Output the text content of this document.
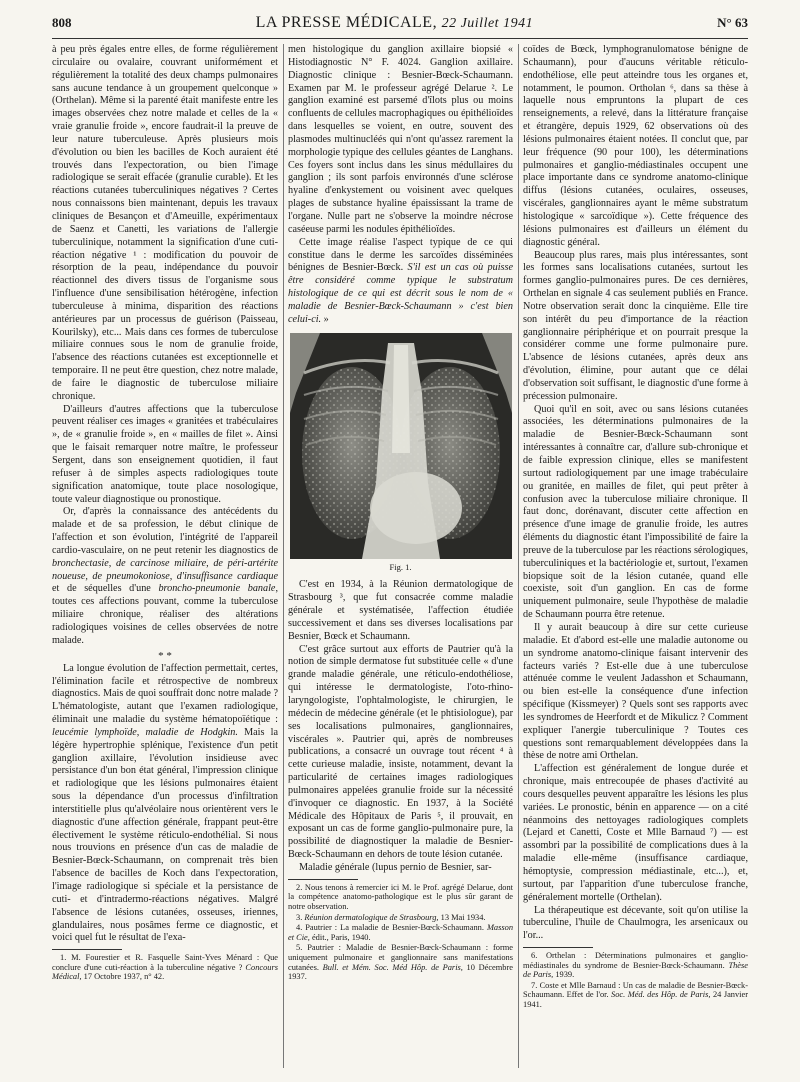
808	LA PRESSE MÉDICALE, 22 Juillet 1941	N° 63

à peu près égales entre elles, de forme régulièrement circulaire ou ovalaire, couvrant uniformément et régulièrement la totalité des deux champs pulmonaires sans aucune tendance à un groupement quelconque » (Orthelan). Même si la parenté était manifeste entre les images observées chez notre malade et celles de la « vraie granulie froide », encore faudrait-il la preuve de leur nature tuberculeuse. Après plusieurs mois d'évolution ou bien les bacilles de Koch auraient été trouvés dans l'expectoration, ou bien l'image radiologique se serait effacée (granulie curable). Et les réactions cutanées tuberculiniques négatives ? Certes nous connaissons bien maintenant, depuis les travaux cliniques de Besançon et d'Ameuille, expérimentaux de Saenz et Canetti, les variations de l'allergie tuberculinique, notamment la signification d'une cuti-réaction négative ¹ : modification du pouvoir de résorption de la peau, indépendance du pouvoir réactionnel des divers tissus de l'organisme sous l'influence d'une sensibilisation hétérogène, infection tuberculeuse à minima, disparition des réactions antérieures par un processus de guérison (Paisseau, Kourilsky), etc... Mais dans ces formes de tuberculose miliaire connues sous le nom de granulie froide, l'absence des réactions cutanées est exceptionnelle et temporaire. Il ne peut être question, chez notre malade, de faire le diagnostic de tuberculose miliaire chronique.

D'ailleurs d'autres affections que la tuberculose peuvent réaliser ces images « granitées et trabéculaires », de « granulie froide », en « mailles de filet ». Ainsi que le faisait remarquer notre maître, le professeur Sergent, dans son enseignement quotidien, il faut refuser à de simples aspects radiologiques toute signification anatomique, toute place nosologique, toute valeur diagnostique ou pronostique.

Or, d'après la connaissance des antécédents du malade et de sa profession, le début clinique de l'affection et son évolution, l'intégrité de l'appareil cardio-vasculaire, on ne peut retenir les diagnostics de bronchectasie, de carcinose miliaire, de péri-artérite noueuse, de pneumokoniose, d'insuffisance cardiaque et de séquelles d'une broncho-pneumonie banale, toutes ces affections pouvant, comme la tuberculose miliaire chronique, réaliser des altérations radiologiques voisines de celles observées de notre malade.

* *

La longue évolution de l'affection permettait, certes, l'élimination facile et rétrospective de nombreux diagnostics. Mais de quoi souffrait donc notre malade ? L'hématologiste, autant que l'examen radiologique, éliminait une maladie du système hématopoïétique : leucémie lymphoïde, maladie de Hodgkin. Mais la légère hypertrophie splénique, l'existence d'un petit ganglion axillaire, l'évolution insidieuse avec persistance d'un bon état général, l'impression clinique et radiologique que les lésions pulmonaires étaient sous la dépendance d'un processus d'infiltration interstitielle plus qu'alvéolaire nous orientèrent vers le diagnostic d'une affection générale, frappant peut-être électivement le système réticulo-endothélial. Si nous nous trouvions en présence d'un cas de maladie de Besnier-Bœck-Schaumann, on comprenait très bien l'absence de bacilles de Koch dans l'expectoration, l'image radiologique si spéciale et la persistance de cuti- et d'intradermo-réactions négatives. Malgré l'absence de lésions cutanées, osseuses, iriennes, glandulaires, nous posâmes ferme ce diagnostic, et voici quel fut le résultat de l'exa-

1. M. Fourestier et R. Fasquelle Saint-Yves Ménard : Que conclure d'une cuti-réaction à la tuberculine négative ? Concours Médical, 17 Octobre 1937, n° 42.

men histologique du ganglion axillaire biopsié « Histodiagnostic N° F. 4024. Ganglion axillaire. Diagnostic clinique : Besnier-Bœck-Schaumann. Examen par M. le professeur agrégé Delarue ². Le ganglion examiné est parsemé d'îlots plus ou moins confluents de cellules macrophagiques ou épithélioïdes dans lesquelles se voient, en outre, souvent des plasmodes multinucléés qui n'ont qu'assez rarement la morphologie typique des cellules géantes de Langhans. Ces foyers sont inclus dans les sinus médullaires du ganglion ; ils sont parfois environnés d'une sclérose hyaline d'enkystement ou voisinent avec quelques plages de substance hyaline épaississant la trame de l'organe. Nulle part ne s'observe la moindre nécrose caséeuse parmi les nodules épithélioïdes.

Cette image réalise l'aspect typique de ce qui constitue dans le derme les sarcoïdes disséminées bénignes de Besnier-Bœck. S'il est un cas où puisse être considéré comme typique le substratum histologique de ce qui est décrit sous le nom de « maladie de Besnier-Bœck-Schaumann » c'est bien celui-ci. »

Fig. 1.

C'est en 1934, à la Réunion dermatologique de Strasbourg ³, que fut consacrée comme maladie générale et systématisée, l'affection étudiée successivement et dans ses diverses localisations par Besnier, Bœck et Schaumann.

C'est grâce surtout aux efforts de Pautrier qu'à la notion de simple dermatose fut substituée celle « d'une grande maladie générale, une réticulo-endothéliose, qui intéresse le dermatologiste, l'oto-rhino-laryngologiste, l'ophtalmologiste, le chirurgien, le médecin de médecine générale (et le phtisiologue), par ses localisations pulmonaires, ganglionnaires, viscérales ». Pautrier qui, après de nombreuses publications, a consacré un ouvrage tout récent ⁴ à cette curieuse maladie, insiste, notamment, devant la particularité de certaines images radiologiques pulmonaires appelées granulie froide sur la nécessité d'invoquer ce diagnostic. En 1937, à la Société Médicale des Hôpitaux de Paris ⁵, il prouvait, en exposant un cas de forme ganglio-pulmonaire pure, la possibilité de diagnostiquer la maladie de Besnier-Bœck-Schaumann en dehors de toute lésion cutanée.

Maladie générale (lupus pernio de Besnier, sar-

2. Nous tenons à remercier ici M. le Prof. agrégé Delarue, dont la compétence anatomo-pathologique est le plus sûr garant de notre observation.

3. Réunion dermatologique de Strasbourg, 13 Mai 1934.

4. Pautrier : La maladie de Besnier-Bœck-Schaumann. Masson et Cie, édit., Paris, 1940.

5. Pautrier : Maladie de Besnier-Bœck-Schaumann : forme uniquement pulmonaire et ganglionnaire sans manifestations cutanées. Bull. et Mém. Soc. Méd Hôp. de Paris, 10 Décembre 1937.

coïdes de Bœck, lymphogranulomatose bénigne de Schaumann), pour d'aucuns véritable réticulo-endothéliose, elle peut atteindre tous les organes et, notamment, le poumon. Ortholan ⁶, dans sa thèse à laquelle nous empruntons la plupart de ces renseignements, a relevé, dans la littérature française et étrangère, depuis 1929, 62 observations où des lésions pulmonaires étaient notées. Il conclut que, par leur fréquence (90 pour 100), les déterminations pulmonaires et ganglio-médiastinales occupent une place importante dans ce syndrome anatomo-clinique diffus (lésions cutanées, oculaires, osseuses, viscérales, ganglionnaires ayant le même substratum histologique « sarcoïdique »). Cette fréquence des lésions pulmonaires est d'ailleurs un élément du diagnostic général.

Beaucoup plus rares, mais plus intéressantes, sont les formes sans localisations cutanées, surtout les formes ganglio-pulmonaires pures. De ces dernières, Orthelan en signale 4 cas seulement publiés en France. Notre observation serait donc la cinquième. Elle tire son intérêt du peu d'importance de la réaction ganglionnaire périphérique et on pourrait presque la considérer comme une forme pulmonaire pure. L'absence de lésions cutanées, après deux ans d'évolution, élimine, pour autant que ce délai d'observation soit suffisant, le diagnostic d'une forme à précession pulmonaire.

Quoi qu'il en soit, avec ou sans lésions cutanées associées, les déterminations pulmonaires de la maladie de Besnier-Bœck-Schaumann sont intéressantes à connaître car, d'allure sub-chronique et de faible expression clinique, elles se manifestent surtout radiologiquement par une image trabéculaire ou granitée, en mailles de filet, qui peut prêter à confusion avec la tuberculose miliaire chronique. Il faut donc, dorénavant, discuter cette affection en présence d'une image de granulie froide, les autres éléments du diagnostic étant l'impossibilité de faire la preuve de la tuberculose par les réactions sérologiques, tuberculiniques et la bactériologie et, surtout, l'examen biopsique soit de la lésion cutanée, quand elle coexiste, soit d'un ganglion. En cas de forme uniquement pulmonaire, seule l'hypothèse de maladie de Schaumann pourra être retenue.

Il y aurait beaucoup à dire sur cette curieuse maladie. Et d'abord est-elle une maladie autonome ou un syndrome anatomo-clinique faisant intervenir des facteurs variés ? Est-elle due à une tuberculose atténuée comme le veulent Jadasshon et Schaumann, ou bien est-elle la conséquence d'une infection spécifique (Kissmeyer) ? Quels sont ses rapports avec les syndromes de Heerfordt et de Mikulicz ? Comment expliquer l'anergie tuberculinique ? Toutes ces questions sont remarquablement développées dans la thèse de notre ami Orthelan.

L'affection est généralement de longue durée et chronique, mais entrecoupée de phases d'activité au cours desquelles peuvent apparaître les lésions les plus variées. Le pronostic, bénin en apparence — on a cité néanmoins des nettoyages radiologiques complets (Lejard et Canetti, Coste et Mlle Barnaud ⁷) — est assombri par la possibilité de complications dues à la maladie elle-même (insuffisance cardiaque, hémoptysie, compression médiastinale, etc...), et, surtout, par l'apparition d'une tuberculose franche, généralement mortelle (Orthelan).

La thérapeutique est décevante, soit qu'on utilise la tuberculine, l'huile de Chaulmogra, les arsenicaux ou l'or...

6. Orthelan : Déterminations pulmonaires et ganglio-médiastinales du syndrome de Besnier-Bœck-Schaumann. Thèse de Paris, 1939.

7. Coste et Mlle Barnaud : Un cas de maladie de Besnier-Bœck-Schaumann. Effet de l'or. Soc. Méd. des Hôp. de Paris, 24 Janvier 1941.
